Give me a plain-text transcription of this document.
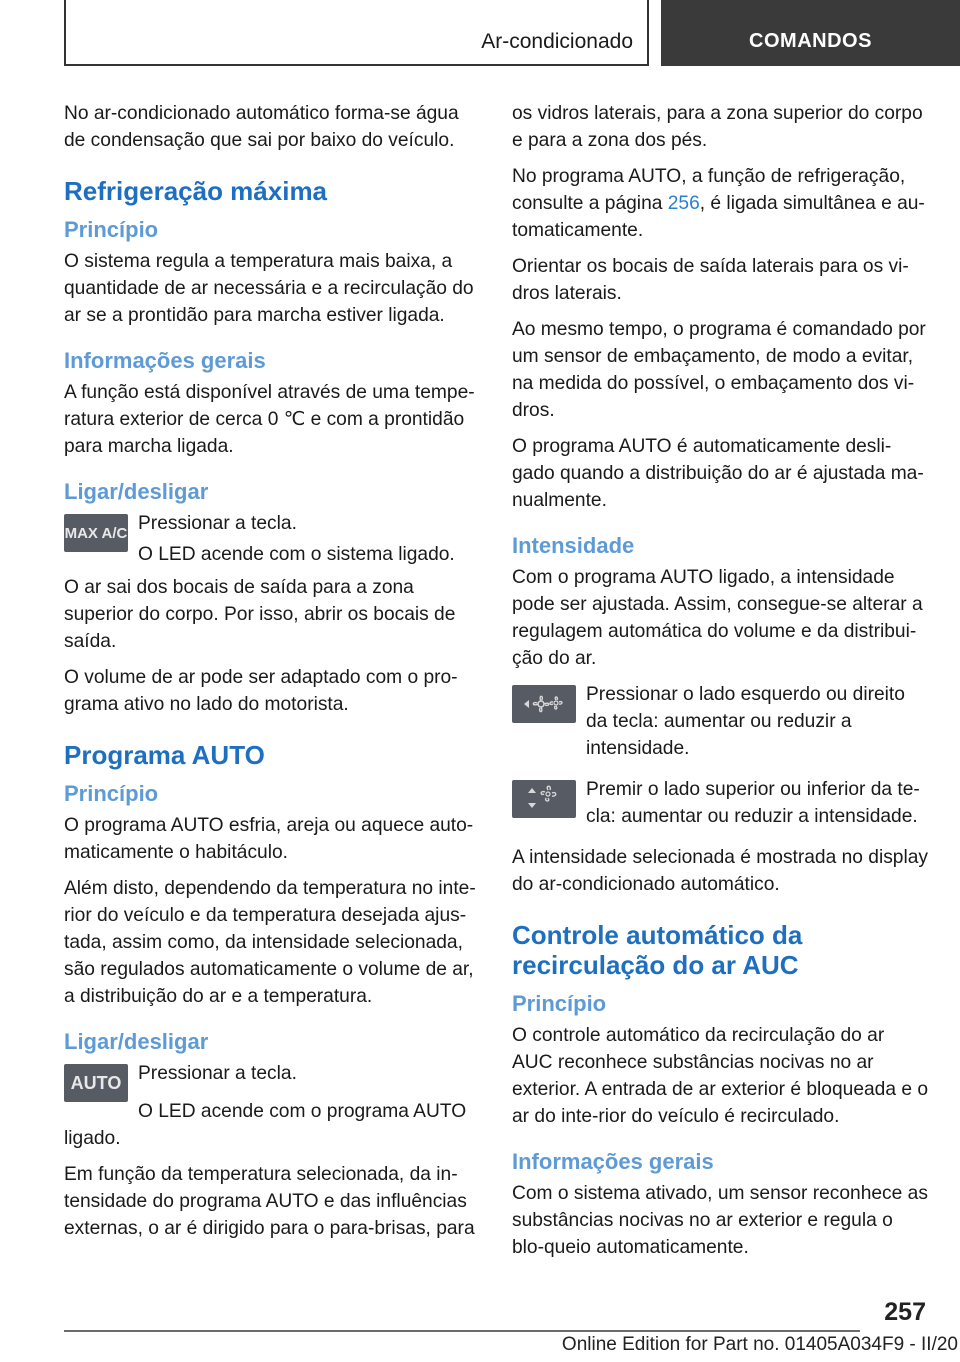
Ar-condicionado	COMANDOS

No ar-condicionado automático forma-se água de condensação que sai por baixo do veículo.

Refrigeração máxima
Princípio

O sistema regula a temperatura mais baixa, a quantidade de ar necessária e a recirculação do ar se a prontidão para marcha estiver ligada.

Informações gerais

A função está disponível através de uma tempe-ratura exterior de cerca 0 ℃ e com a prontidão para marcha ligada.

Ligar/desligar
MAX A/C Pressionar a tecla.

O LED acende com o sistema ligado.

O ar sai dos bocais de saída para a zona superior do corpo. Por isso, abrir os bocais de saída.

O volume de ar pode ser adaptado com o pro-grama ativo no lado do motorista.

Programa AUTO
Princípio

O programa AUTO esfria, areja ou aquece auto-maticamente o habitáculo.

Além disto, dependendo da temperatura no inte-rior do veículo e da temperatura desejada ajus-tada, assim como, da intensidade selecionada, são regulados automaticamente o volume de ar, a distribuição do ar e a temperatura.

Ligar/desligar
AUTO Pressionar a tecla.

O LED acende com o programa AUTO ligado.

Em função da temperatura selecionada, da in-tensidade do programa AUTO e das influências externas, o ar é dirigido para o para-brisas, para

os vidros laterais, para a zona superior do corpo e para a zona dos pés.

No programa AUTO, a função de refrigeração, consulte a página 256, é ligada simultânea e au-tomaticamente.

Orientar os bocais de saída laterais para os vi-dros laterais.

Ao mesmo tempo, o programa é comandado por um sensor de embaçamento, de modo a evitar, na medida do possível, o embaçamento dos vi-dros.

O programa AUTO é automaticamente desli-gado quando a distribuição do ar é ajustada ma-nualmente.

Intensidade

Com o programa AUTO ligado, a intensidade pode ser ajustada. Assim, consegue-se alterar a regulagem automática do volume e da distribui-ção do ar.

Pressionar o lado esquerdo ou direito da tecla: aumentar ou reduzir a intensidade.

Premir o lado superior ou inferior da te-cla: aumentar ou reduzir a intensidade.

A intensidade selecionada é mostrada no display do ar-condicionado automático.

Controle automático da recirculação do ar AUC
Princípio

O controle automático da recirculação do ar AUC reconhece substâncias nocivas no ar exterior. A entrada de ar exterior é bloqueada e o ar do inte-rior do veículo é recirculado.

Informações gerais

Com o sistema ativado, um sensor reconhece as substâncias nocivas no ar exterior e regula o blo-queio automaticamente.

257
Online Edition for Part no. 01405A034F9 - II/20
